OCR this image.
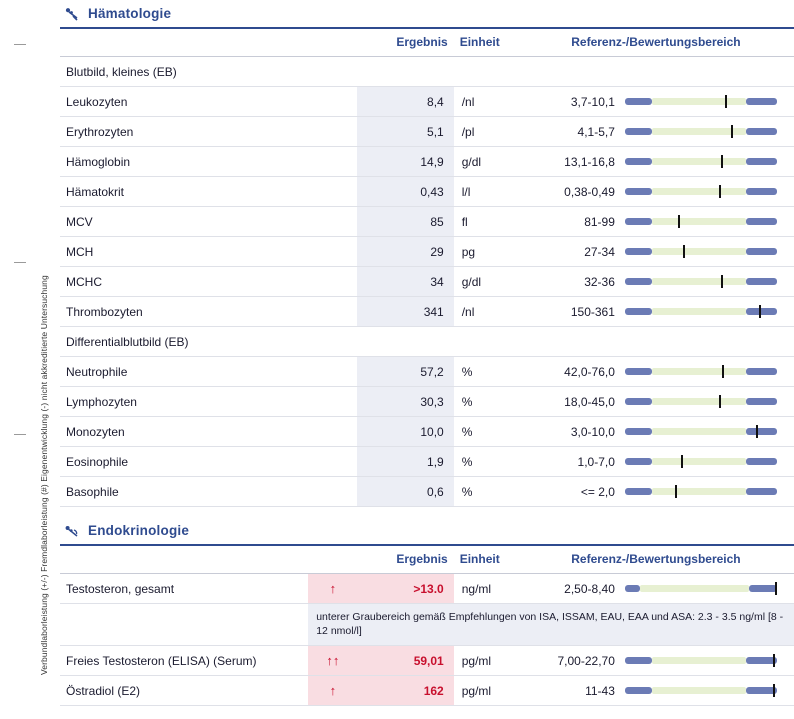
Verbundlaborleistung (+/-) Fremdlaborleistung (#) Eigenentwicklung (-) nicht akkreditierte Untersuchung
Hämatologie
	Ergebnis		Einheit	Referenz-/Bewertungsbereich	
Blutbild, kleines (EB)					
Leukozyten		8,4	/nl	3,7-10,1	

Erythrozyten		5,1	/pl	4,1-5,7	

Hämoglobin		14,9	g/dl	13,1-16,8	

Hämatokrit		0,43	l/l	0,38-0,49	

MCV		85	fl	81-99	

MCH		29	pg	27-34	

MCHC		34	g/dl	32-36	

Thrombozyten		341	/nl	150-361	

Differentialblutbild (EB)					
Neutrophile		57,2	%	42,0-76,0	

Lymphozyten		30,3	%	18,0-45,0	

Monozyten		10,0	%	3,0-10,0	

Eosinophile		1,9	%	1,0-7,0	

Basophile		0,6	%	<= 2,0	
Endokrinologie
	Ergebnis		Einheit	Referenz-/Bewertungsbereich	
Testosteron, gesamt	↑	>13.0	ng/ml	2,50-8,40	

	unterer Graubereich gemäß Empfehlungen von ISA, ISSAM, EAU, EAA und ASA: 2.3 - 3.5 ng/ml [8 - 12 nmol/l]				
Freies Testosteron (ELISA) (Serum)	↑↑	59,01	pg/ml	7,00-22,70	

Östradiol (E2)	↑	162	pg/ml	11-43	
